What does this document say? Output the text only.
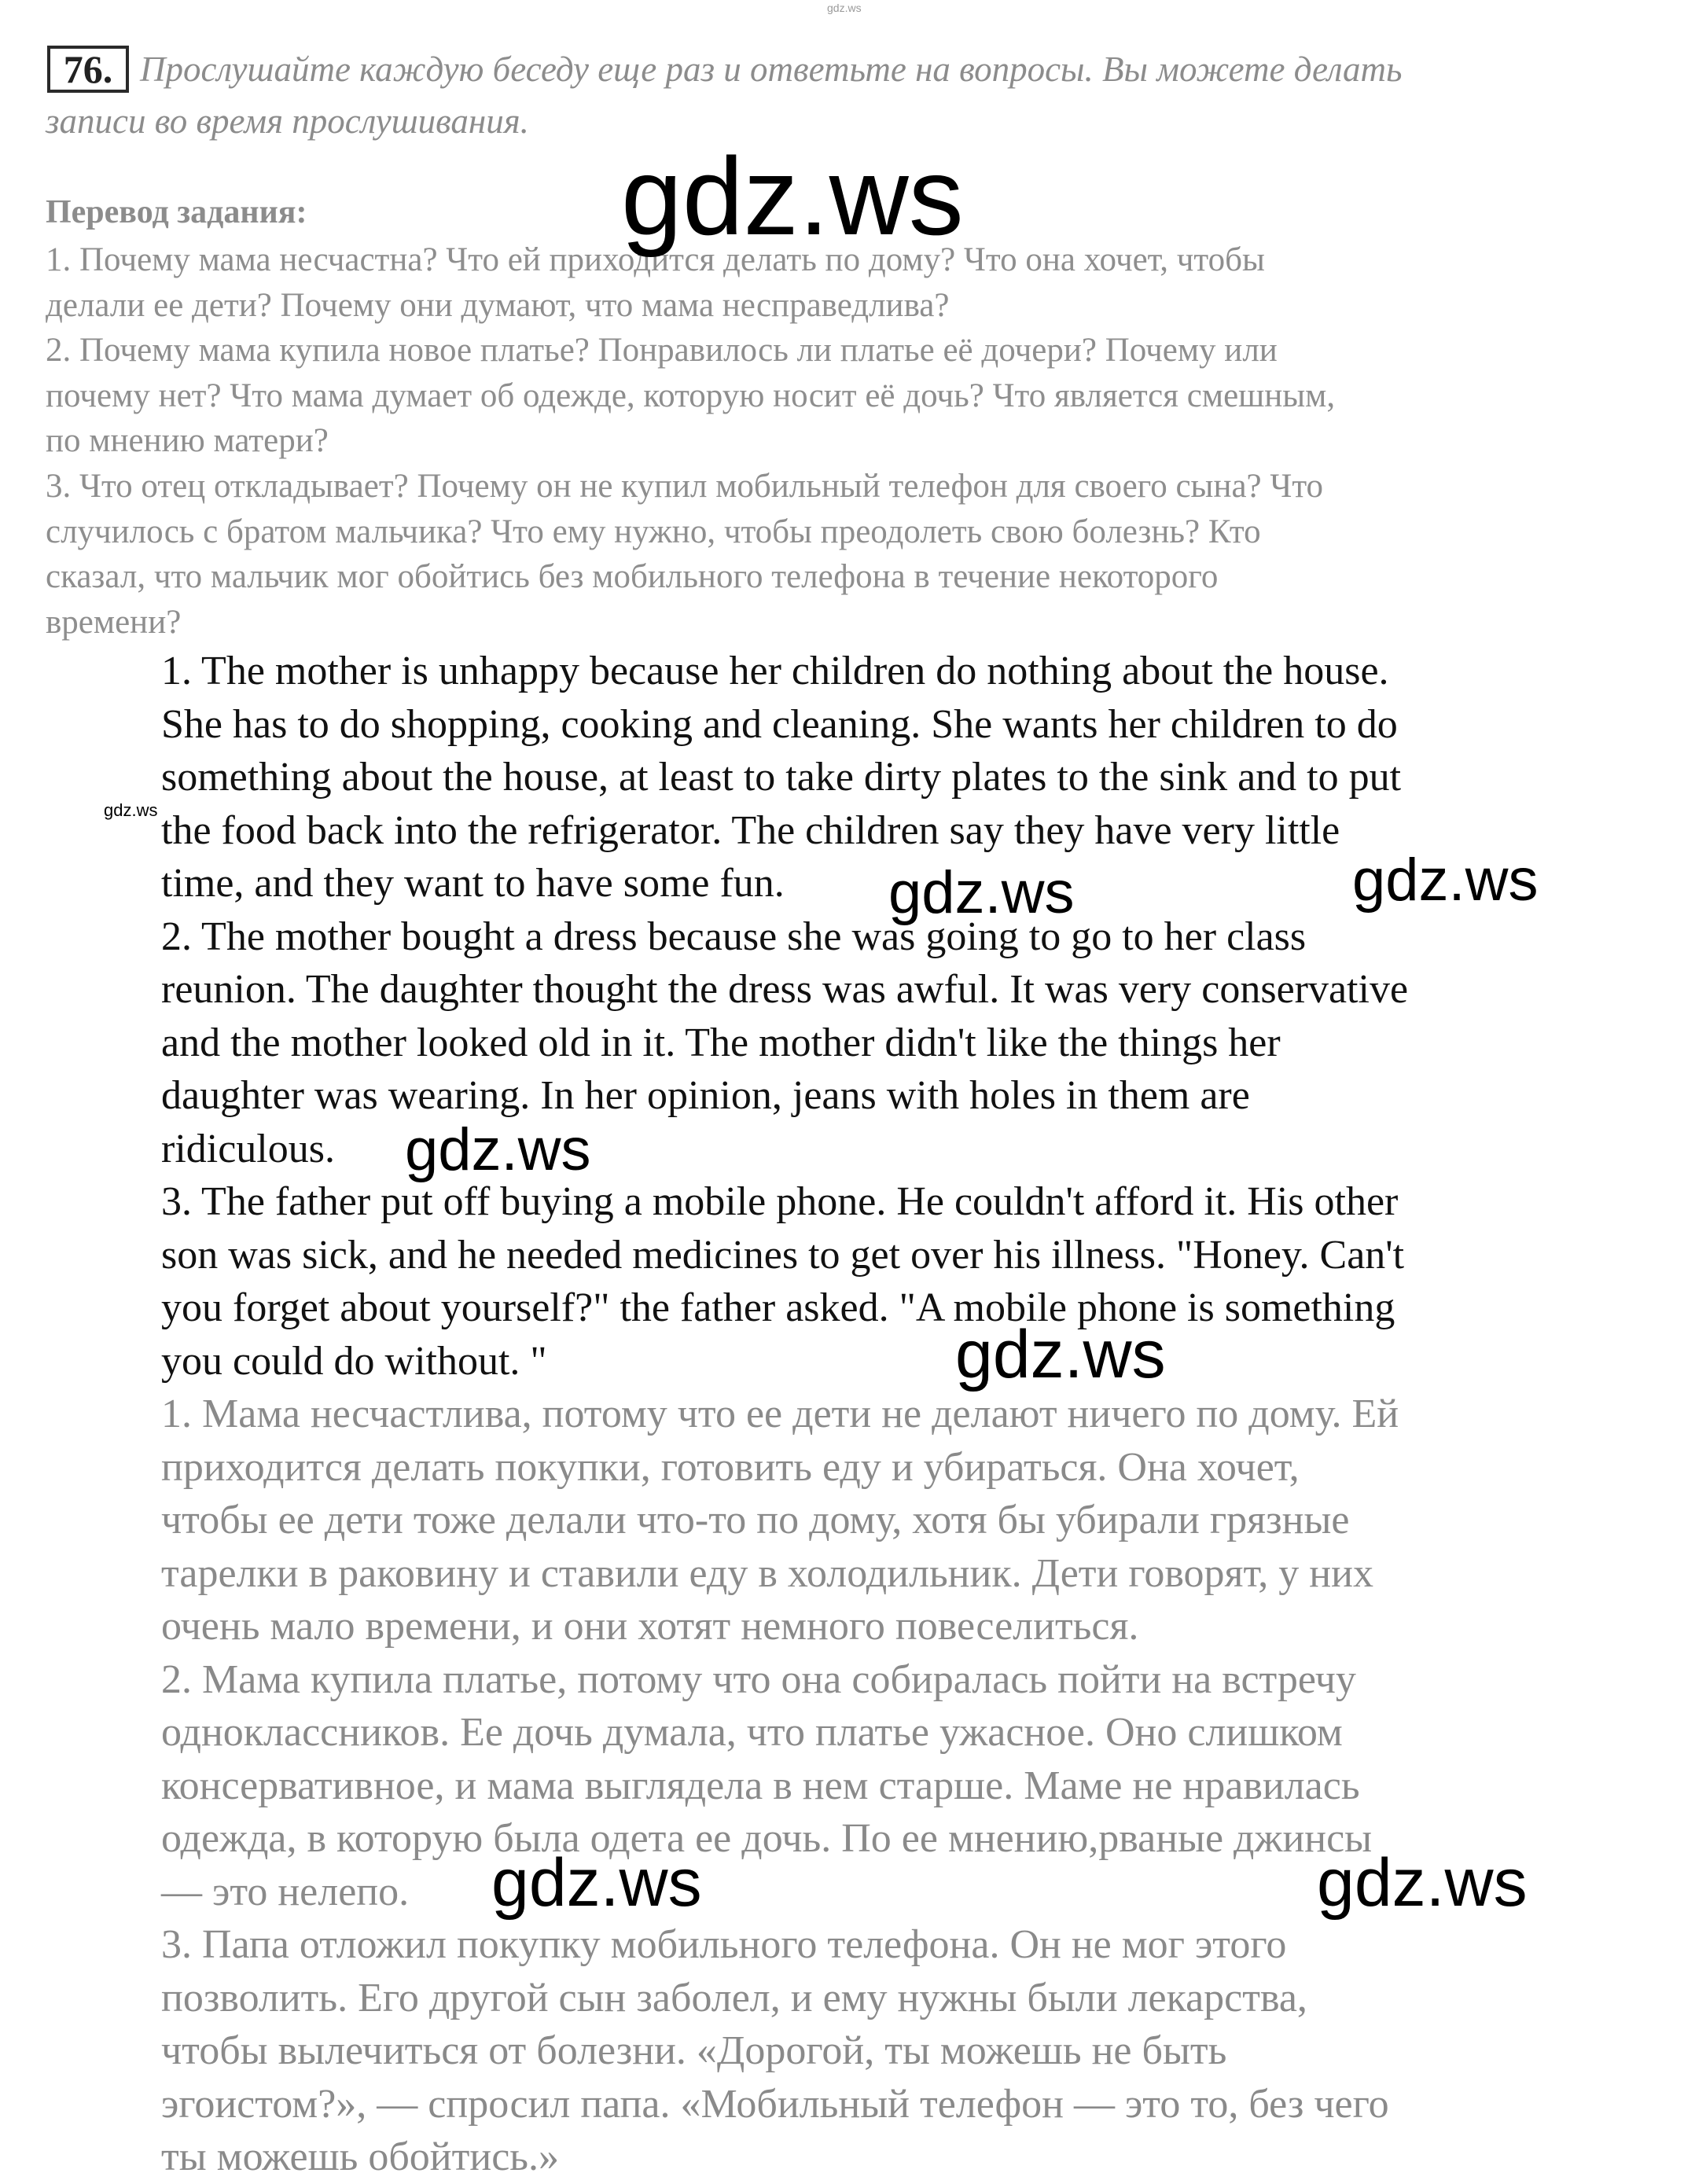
gdz.ws
76. Прослушайте каждую беседу еще раз и ответьте на вопросы. Вы можете делать
записи во время прослушивания.
Перевод задания:
1. Почему мама несчастна? Что ей приходится делать по дому? Что она хочет, чтобы
делали ее дети? Почему они думают, что мама несправедлива?
2. Почему мама купила новое платье? Понравилось ли платье её дочери? Почему или
почему нет? Что мама думает об одежде, которую носит её дочь? Что является смешным,
по мнению матери?
3. Что отец откладывает? Почему он не купил мобильный телефон для своего сына? Что
случилось с братом мальчика? Что ему нужно, чтобы преодолеть свою болезнь? Кто
сказал, что мальчик мог обойтись без мобильного телефона в течение некоторого
времени?
1. The mother is unhappy because her children do nothing about the house.
She has to do shopping, cooking and cleaning. She wants her children to do
something about the house, at least to take dirty plates to the sink and to put
the food back into the refrigerator. The children say they have very little
time, and they want to have some fun.
2. The mother bought a dress because she was going to go to her class
reunion. The daughter thought the dress was awful. It was very conservative
and the mother looked old in it. The mother didn't like the things her
daughter was wearing. In her opinion, jeans with holes in them are
ridiculous.
3. The father put off buying a mobile phone. He couldn't afford it. His other
son was sick, and he needed medicines to get over his illness. "Honey. Can't
you forget about yourself?" the father asked. "A mobile phone is something
you could do without. "
1. Мама несчастлива, потому что ее дети не делают ничего по дому. Ей
приходится делать покупки, готовить еду и убираться. Она хочет,
чтобы ее дети тоже делали что-то по дому, хотя бы убирали грязные
тарелки в раковину и ставили еду в холодильник. Дети говорят, у них
очень мало времени, и они хотят немного повеселиться.
2. Мама купила платье, потому что она собиралась пойти на встречу
одноклассников. Ее дочь думала, что платье ужасное. Оно слишком
консервативное, и мама выглядела в нем старше. Маме не нравилась
одежда, в которую была одета ее дочь. По ее мнению,рваные джинсы
— это нелепо.
3. Папа отложил покупку мобильного телефона. Он не мог этого
позволить. Его другой сын заболел, и ему нужны были лекарства,
чтобы вылечиться от болезни. «Дорогой, ты можешь не быть
эгоистом?», — спросил папа. «Мобильный телефон — это то, без чего
ты можешь обойтись.»
gdz.ws
gdz.ws	gdz.ws
gdz.ws
gdz.ws
gdz.ws	gdz.ws
gdz.ws
